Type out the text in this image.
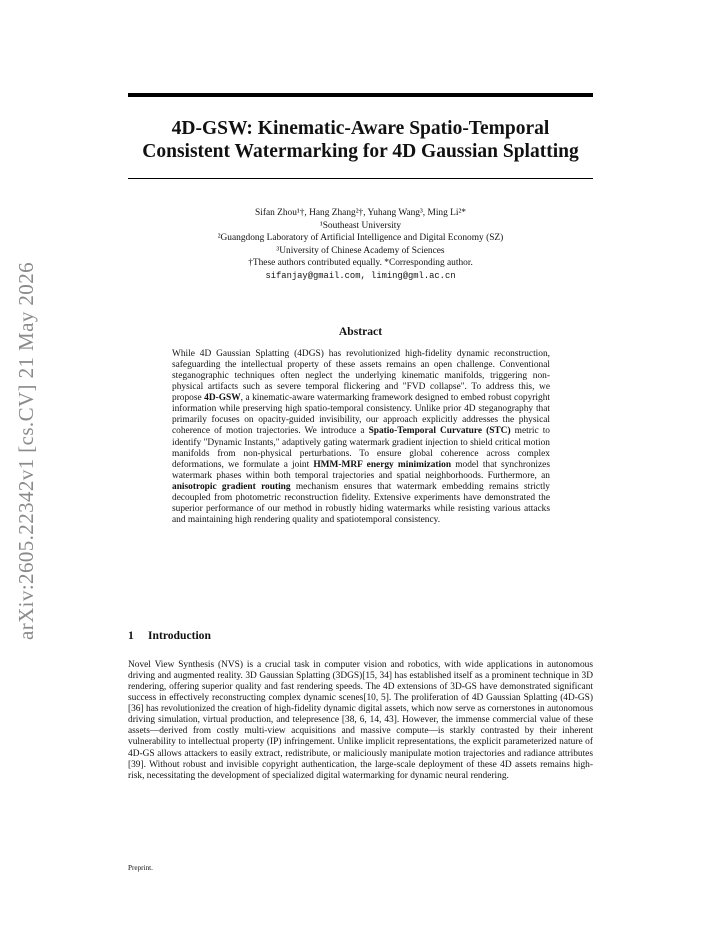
arXiv:2605.22342v1 [cs.CV] 21 May 2026
4D-GSW: Kinematic-Aware Spatio-Temporal Consistent Watermarking for 4D Gaussian Splatting
Sifan Zhou¹†, Hang Zhang²†, Yuhang Wang³, Ming Li²*
¹Southeast University
²Guangdong Laboratory of Artificial Intelligence and Digital Economy (SZ)
³University of Chinese Academy of Sciences
†These authors contributed equally. *Corresponding author.
sifanjay@gmail.com, liming@gml.ac.cn
Abstract
While 4D Gaussian Splatting (4DGS) has revolutionized high-fidelity dynamic reconstruction, safeguarding the intellectual property of these assets remains an open challenge. Conventional steganographic techniques often neglect the underlying kinematic manifolds, triggering non-physical artifacts such as severe temporal flickering and "FVD collapse". To address this, we propose 4D-GSW, a kinematic-aware watermarking framework designed to embed robust copyright information while preserving high spatio-temporal consistency. Unlike prior 4D steganography that primarily focuses on opacity-guided invisibility, our approach explicitly addresses the physical coherence of motion trajectories. We introduce a Spatio-Temporal Curvature (STC) metric to identify "Dynamic Instants," adaptively gating watermark gradient injection to shield critical motion manifolds from non-physical perturbations. To ensure global coherence across complex deformations, we formulate a joint HMM-MRF energy minimization model that synchronizes watermark phases within both temporal trajectories and spatial neighborhoods. Furthermore, an anisotropic gradient routing mechanism ensures that watermark embedding remains strictly decoupled from photometric reconstruction fidelity. Extensive experiments have demonstrated the superior performance of our method in robustly hiding watermarks while resisting various attacks and maintaining high rendering quality and spatiotemporal consistency.
1 Introduction
Novel View Synthesis (NVS) is a crucial task in computer vision and robotics, with wide applications in autonomous driving and augmented reality. 3D Gaussian Splatting (3DGS)[15, 34] has established itself as a prominent technique in 3D rendering, offering superior quality and fast rendering speeds. The 4D extensions of 3D-GS have demonstrated significant success in effectively reconstructing complex dynamic scenes[10, 5]. The proliferation of 4D Gaussian Splatting (4D-GS) [36] has revolutionized the creation of high-fidelity dynamic digital assets, which now serve as cornerstones in autonomous driving simulation, virtual production, and telepresence [38, 6, 14, 43]. However, the immense commercial value of these assets—derived from costly multi-view acquisitions and massive compute—is starkly contrasted by their inherent vulnerability to intellectual property (IP) infringement. Unlike implicit representations, the explicit parameterized nature of 4D-GS allows attackers to easily extract, redistribute, or maliciously manipulate motion trajectories and radiance attributes [39]. Without robust and invisible copyright authentication, the large-scale deployment of these 4D assets remains high-risk, necessitating the development of specialized digital watermarking for dynamic neural rendering.
Preprint.
